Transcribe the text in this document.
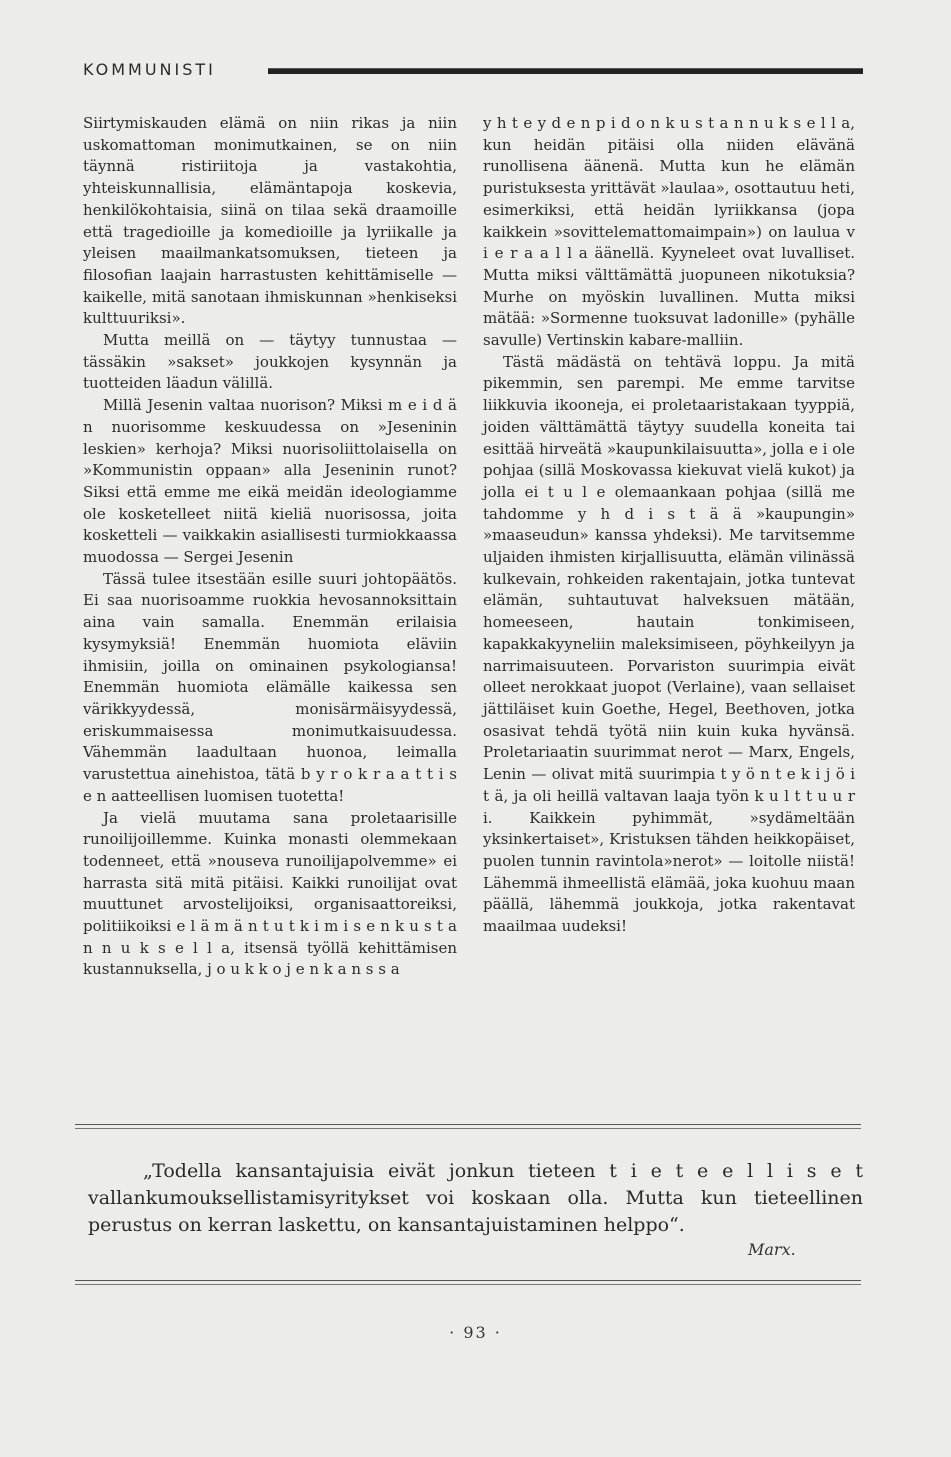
KOMMUNISTI

Siirtymiskauden elämä on niin rikas ja niin uskomattoman monimutkainen, se on niin täynnä ristiriitoja ja vastakohtia, yhteiskunnallisia, elämäntapoja koskevia, henkilökohtaisia, siinä on tilaa sekä draamoille että tragedioille ja komedioille ja lyriikalle ja yleisen maailmankatsomuksen, tieteen ja filosofian laajain harrastusten kehittämiselle — kaikelle, mitä sanotaan ihmiskunnan »henkiseksi kulttuuriksi».

Mutta meillä on — täytyy tunnustaa — tässäkin »sakset» joukkojen kysynnän ja tuotteiden läadun välillä.

Millä Jesenin valtaa nuorison? Miksi m e i d ä n nuorisomme keskuudessa on »Jeseninin leskien» kerhoja? Miksi nuorisoliittolaisella on »Kommunistin oppaan» alla Jeseninin runot? Siksi että emme me eikä meidän ideologiamme ole kosketelleet niitä kieliä nuorisossa, joita kosketteli — vaikkakin asiallisesti turmiokkaassa muodossa — Sergei Jesenin

Tässä tulee itsestään esille suuri johtopäätös. Ei saa nuorisoamme ruokkia hevosannoksittain aina vain samalla. Enemmän erilaisia kysymyksiä! Enemmän huomiota eläviin ihmisiin, joilla on ominainen psykologiansa! Enemmän huomiota elämälle kaikessa sen värikkyydessä, monisärmäisyydessä, eriskummaisessa monimutkaisuudessa. Vähemmän laadultaan huonoa, leimalla varustettua ainehistoa, tätä b y r o k r a a t t i s e n aatteellisen luomisen tuotetta!

Ja vielä muutama sana proletaarisille runoilijoillemme. Kuinka monasti olemmekaan todenneet, että »nouseva runoilijapolvemme» ei harrasta sitä mitä pitäisi. Kaikki runoilijat ovat muuttunet arvostelijoiksi, organisaattoreiksi, politiikoiksi e l ä m ä n t u t k i m i s e n k u s t a n n u k s e l l a, itsensä työllä kehittämisen kustannuksella, j o u k k o j e n k a n s s a

y h t e y d e n p i d o n k u s t a n n u k s e l l a, kun heidän pitäisi olla niiden elävänä runollisena äänenä. Mutta kun he elämän puristuksesta yrittävät »laulaa», osottautuu heti, esimerkiksi, että heidän lyriikkansa (jopa kaikkein »sovittelemattomaimpain») on laulua v i e r a a l l a äänellä. Kyyneleet ovat luvalliset. Mutta miksi välttämättä juopuneen nikotuksia? Murhe on myöskin luvallinen. Mutta miksi mätää: »Sormenne tuoksuvat ladonille» (pyhälle savulle) Vertinskin kabare-malliin.

Tästä mädästä on tehtävä loppu. Ja mitä pikemmin, sen parempi. Me emme tarvitse liikkuvia ikooneja, ei proletaaristakaan tyyppiä, joiden välttämättä täytyy suudella koneita tai esittää hirveätä »kaupunkilaisuutta», jolla e i ole pohjaa (sillä Moskovassa kiekuvat vielä kukot) ja jolla ei t u l e olemaankaan pohjaa (sillä me tahdomme y h d i s t ä ä »kaupungin» »maaseudun» kanssa yhdeksi). Me tarvitsemme uljaiden ihmisten kirjallisuutta, elämän vilinässä kulkevain, rohkeiden rakentajain, jotka tuntevat elämän, suhtautuvat halveksuen mätään, homeeseen, hautain tonkimiseen, kapakkakyyneliin maleksimiseen, pöyhkeilyyn ja narrimaisuuteen. Porvariston suurimpia eivät olleet nerokkaat juopot (Verlaine), vaan sellaiset jättiläiset kuin Goethe, Hegel, Beethoven, jotka osasivat tehdä työtä niin kuin kuka hyvänsä. Proletariaatin suurimmat nerot — Marx, Engels, Lenin — olivat mitä suurimpia t y ö n t e k i j ö i t ä, ja oli heillä valtavan laaja työn k u l t t u u r i. Kaikkein pyhimmät, »sydämeltään yksinkertaiset», Kristuksen tähden heikkopäiset, puolen tunnin ravintola»nerot» — loitolle niistä! Lähemmä ihmeellistä elämää, joka kuohuu maan päällä, lähemmä joukkoja, jotka rakentavat maailmaa uudeksi!

„Todella kansantajuisia eivät jonkun tieteen t i e t e e l l i s e t vallankumouksellistamisyritykset voi koskaan olla. Mutta kun tieteellinen perustus on kerran laskettu, on kansantajuistaminen helppo“.

Marx.
· 93 ·
